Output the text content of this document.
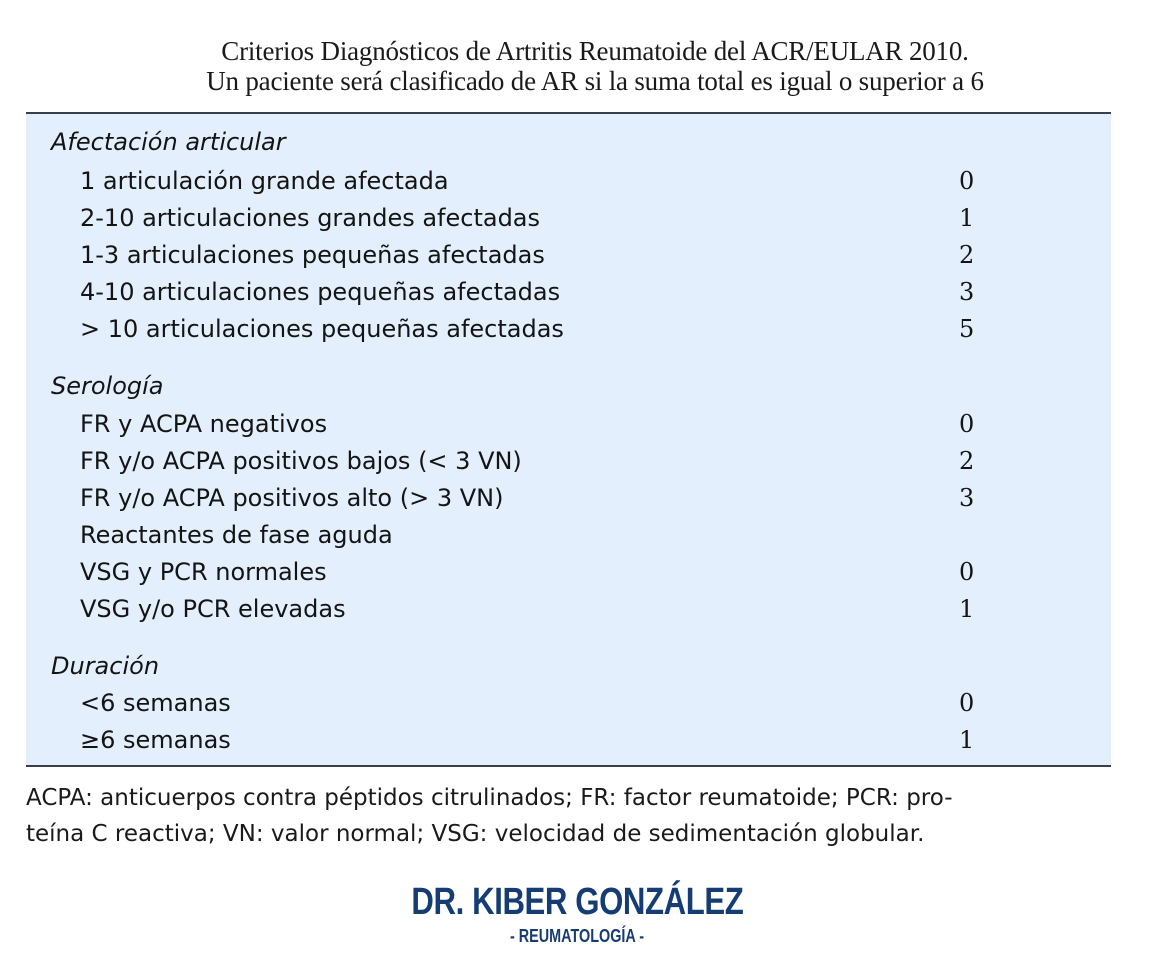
Criterios Diagnósticos de Artritis Reumatoide del ACR/EULAR 2010.
Un paciente será clasificado de AR si la suma total es igual o superior a 6
Afectación articular
1 articulación grande afectada	0
2-10 articulaciones grandes afectadas	1
1-3 articulaciones pequeñas afectadas	2
4-10 articulaciones pequeñas afectadas	3
> 10 articulaciones pequeñas afectadas	5
Serología
FR y ACPA negativos	0
FR y/o ACPA positivos bajos (< 3 VN)	2
FR y/o ACPA positivos alto (> 3 VN)	3
Reactantes de fase aguda
VSG y PCR normales	0
VSG y/o PCR elevadas	1
Duración
<6 semanas	0
≥6 semanas	1
ACPA: anticuerpos contra péptidos citrulinados; FR: factor reumatoide; PCR: pro-
teína C reactiva; VN: valor normal; VSG: velocidad de sedimentación globular.
DR. KIBER GONZÁLEZ
- REUMATOLOGÍA -
